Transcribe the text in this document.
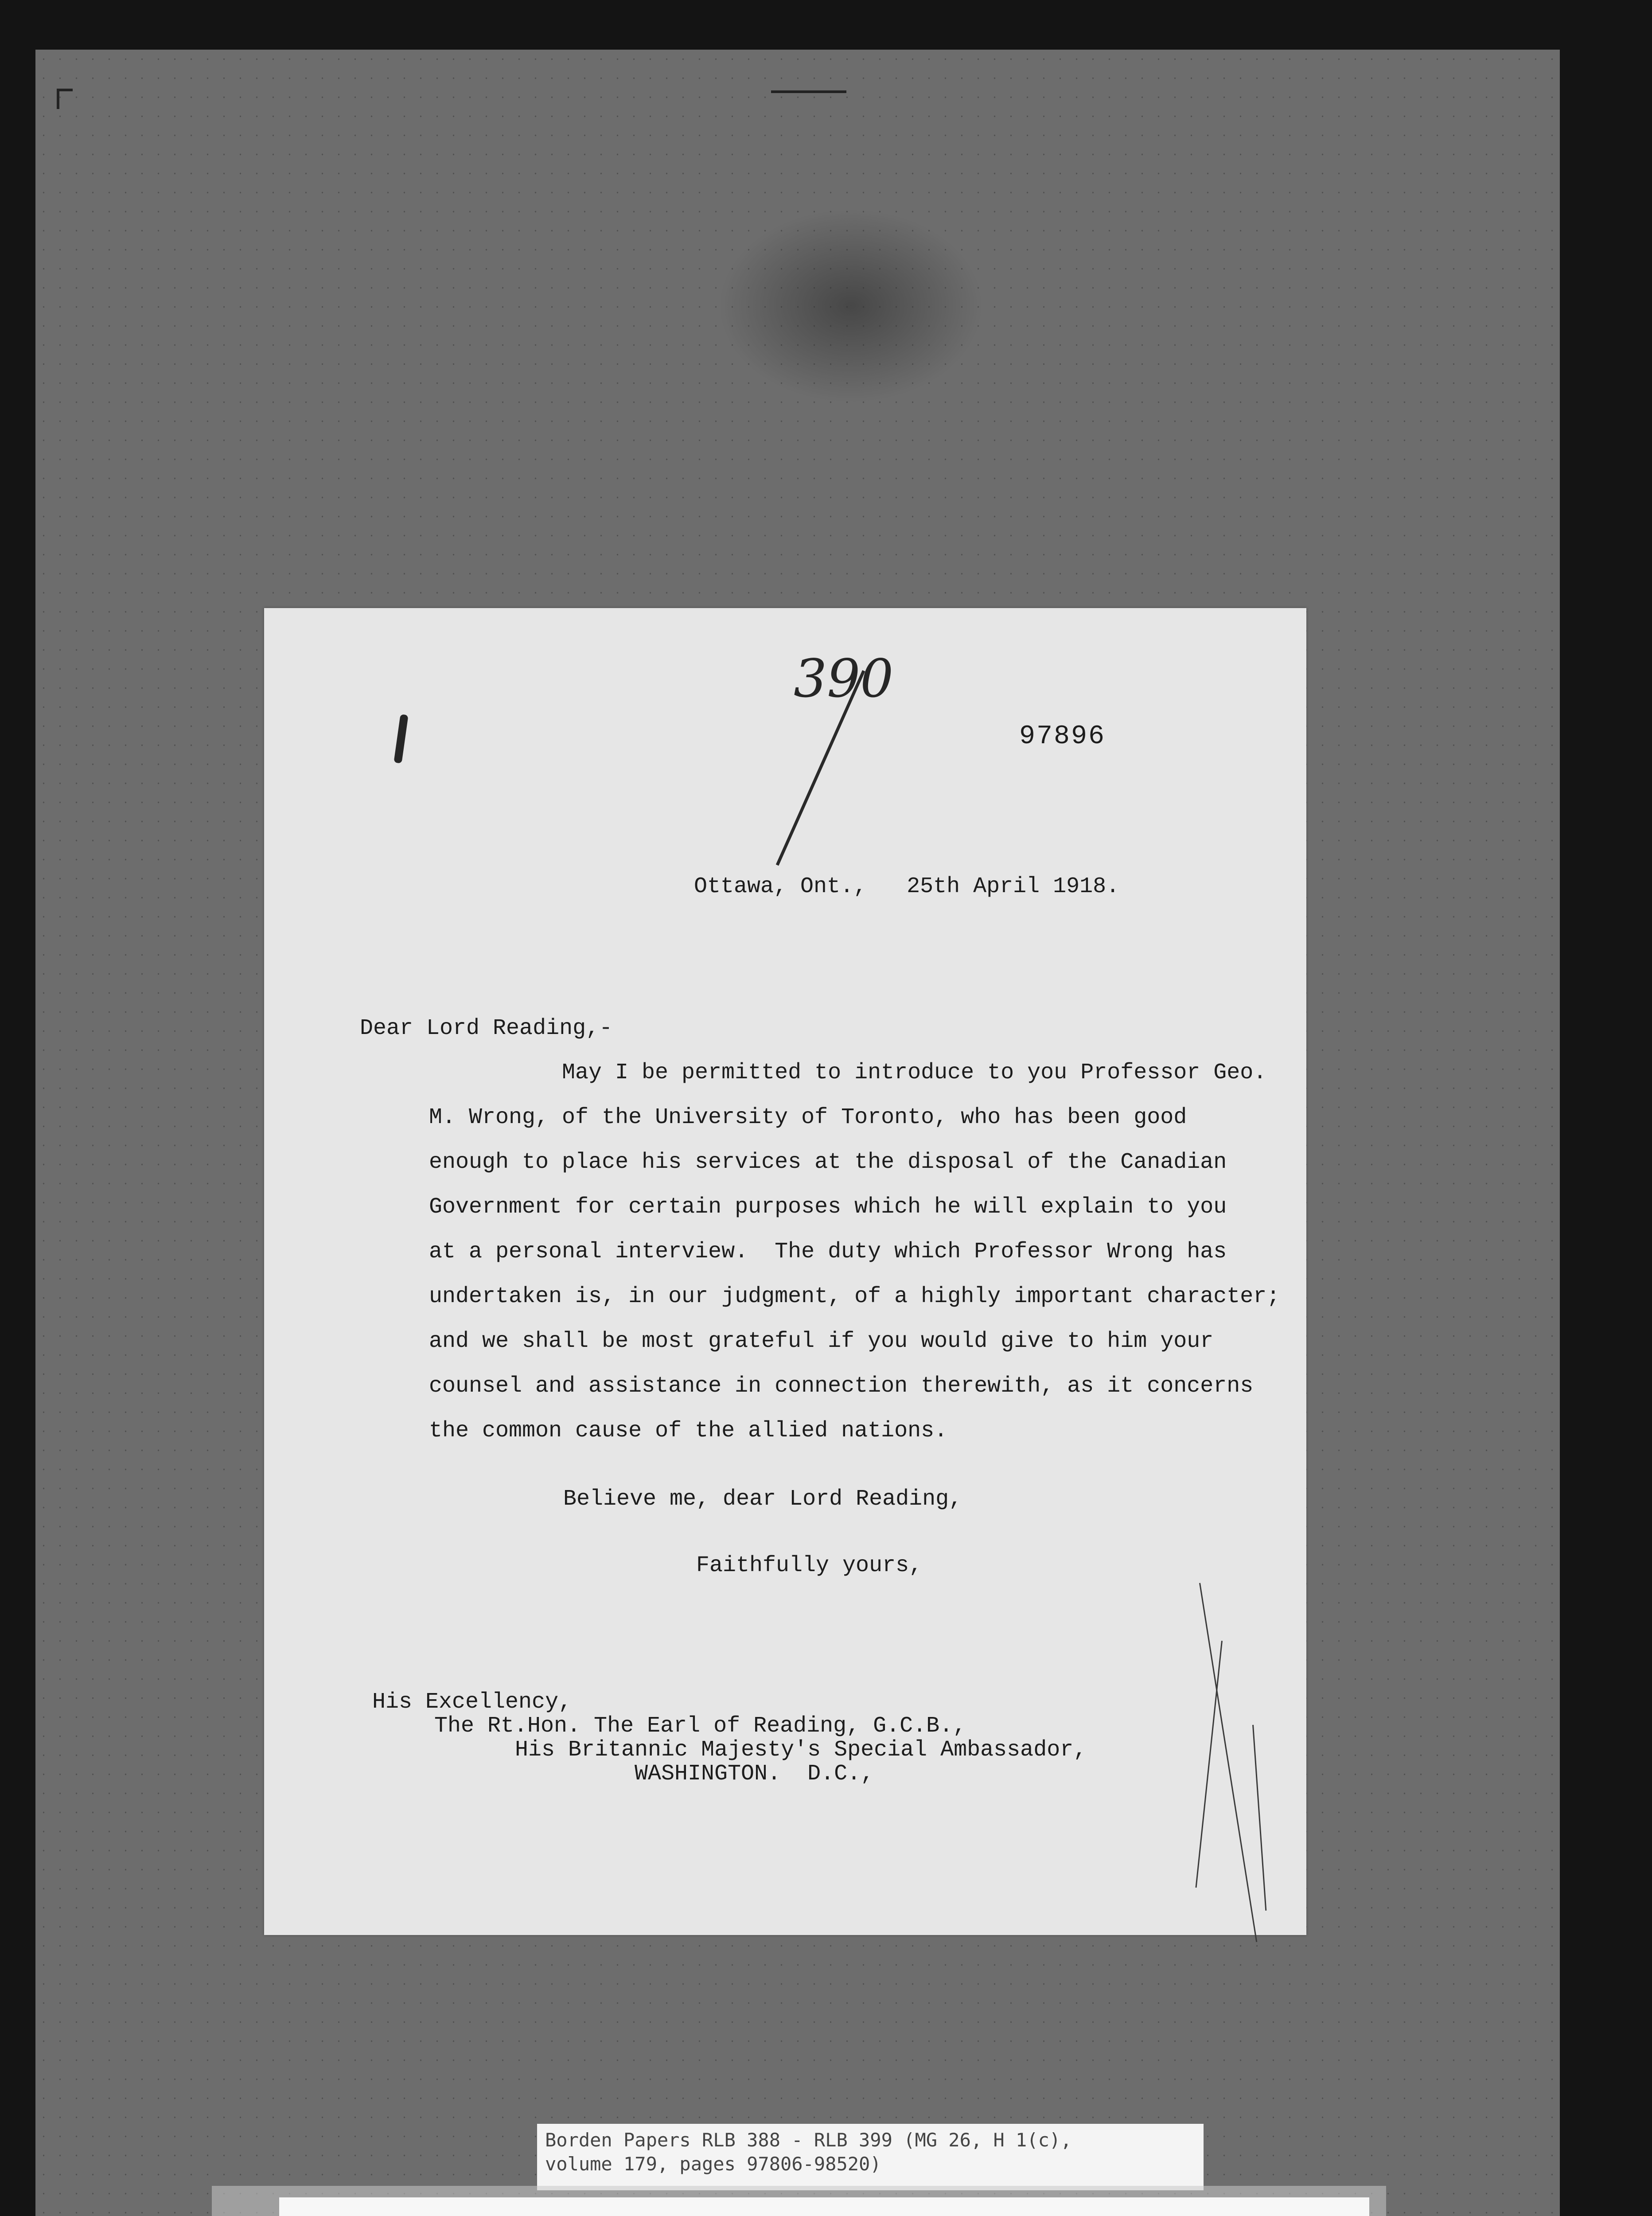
390
97896
Ottawa, Ont.,   25th April 1918.
Dear Lord Reading,-
May I be permitted to introduce to you Professor Geo.
M. Wrong, of the University of Toronto, who has been good
enough to place his services at the disposal of the Canadian
Government for certain purposes which he will explain to you
at a personal interview.  The duty which Professor Wrong has
undertaken is, in our judgment, of a highly important character;
and we shall be most grateful if you would give to him your
counsel and assistance in connection therewith, as it concerns
the common cause of the allied nations.
Believe me, dear Lord Reading,
Faithfully yours,
His Excellency,
The Rt.Hon. The Earl of Reading, G.C.B.,
His Britannic Majesty's Special Ambassador,
WASHINGTON.  D.C.,
Borden Papers RLB 388 - RLB 399 (MG 26, H 1(c),
volume 179, pages 97806-98520)
